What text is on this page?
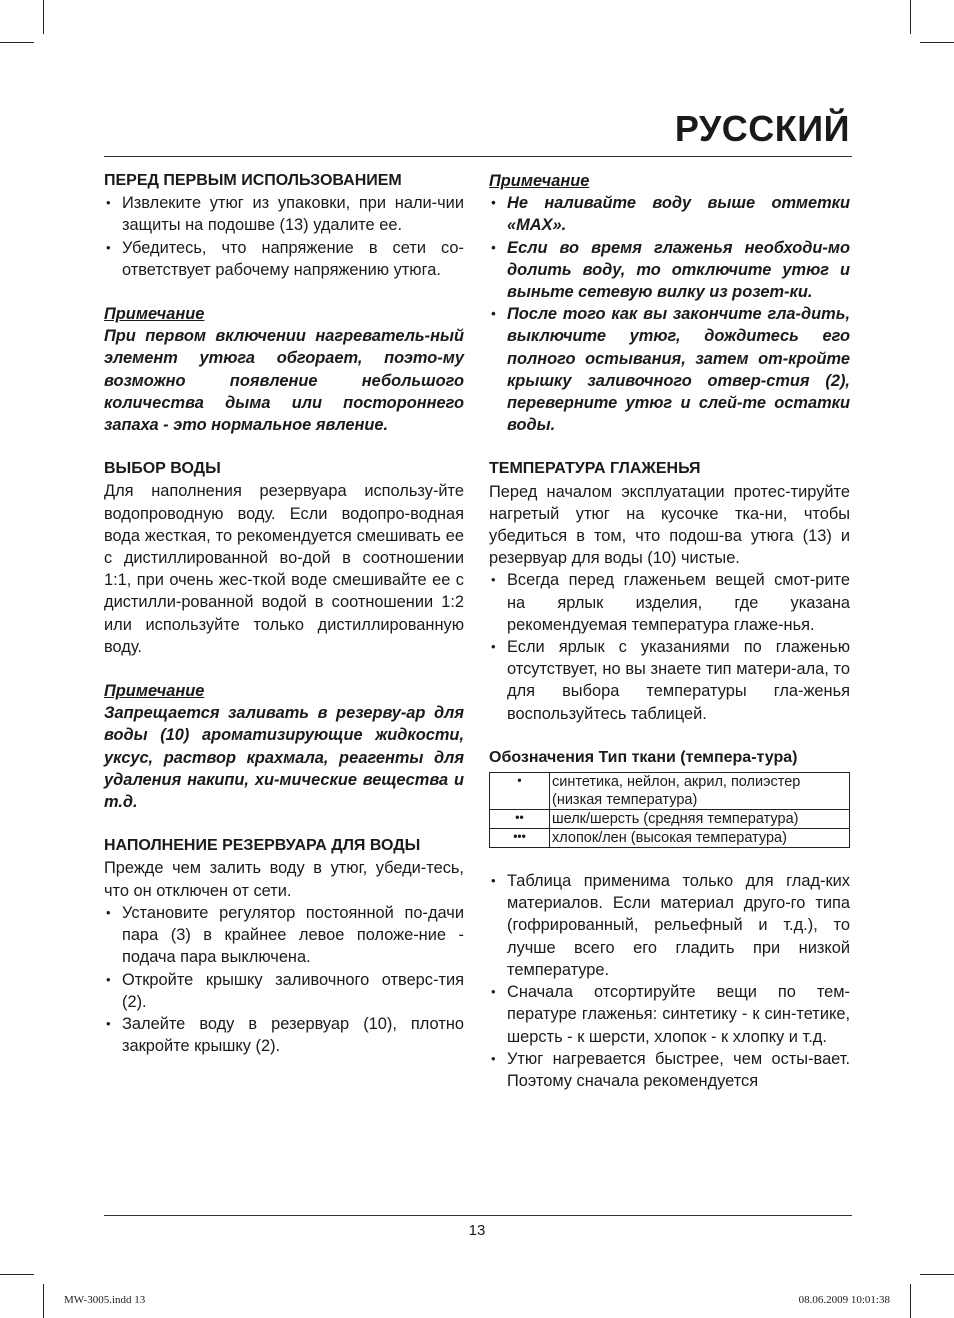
РУССКИЙ

ПЕРЕД ПЕРВЫМ ИСПОЛЬЗОВАНИЕМ

• Извлеките утюг из упаковки, при нали-чии защиты на подошве (13) удалите ее.
• Убедитесь, что напряжение в сети со-ответствует рабочему напряжению утюга.

Примечание

При первом включении нагреватель-ный элемент утюга обгорает, поэто-му возможно появление небольшого количества дыма или постороннего запаха - это нормальное явление.

ВЫБОР ВОДЫ

Для наполнения резервуара использу-йте водопроводную воду. Если водопро-водная вода жесткая, то рекомендуется смешивать ее с дистиллированной во-дой в соотношении 1:1, при очень жес-ткой воде смешивайте ее с дистилли-рованной водой в соотношении 1:2 или используйте только дистиллированную воду.

Примечание

Запрещается заливать в резерву-ар для воды (10) ароматизирующие жидкости, уксус, раствор крахмала, реагенты для удаления накипи, хи-мические вещества и т.д.

НАПОЛНЕНИЕ РЕЗЕРВУАРА ДЛЯ ВОДЫ

Прежде чем залить воду в утюг, убеди-тесь, что он отключен от сети.

• Установите регулятор постоянной по-дачи пара (3) в крайнее левое положе-ние - подача пара выключена.
• Откройте крышку заливочного отверс-тия (2).
• Залейте воду в резервуар (10), плотно закройте крышку (2).

Примечание

• Не наливайте воду выше отметки «MAX».
• Если во время глаженья необходи-мо долить воду, то отключите утюг и выньте сетевую вилку из розет-ки.
• После того как вы закончите гла-дить, выключите утюг, дождитесь его полного остывания, затем от-кройте крышку заливочного отвер-стия (2), переверните утюг и слей-те остатки воды.

ТЕМПЕРАТУРА ГЛАЖЕНЬЯ

Перед началом эксплуатации протес-тируйте нагретый утюг на кусочке тка-ни, чтобы убедиться в том, что подош-ва утюга (13) и резервуар для воды (10) чистые.

• Всегда перед глаженьем вещей смот-рите на ярлык изделия, где указана рекомендуемая температура глаже-нья.
• Если ярлык с указаниями по глаженью отсутствует, но вы знаете тип матери-ала, то для выбора температуры гла-женья воспользуйтесь таблицей.

Обозначения Тип ткани (темпера-тура)

•	синтетика, нейлон, акрил, полиэстер (низкая температура)
••	шелк/шерсть (средняя температура)
•••	хлопок/лен (высокая температура)
• Таблица применима только для глад-ких материалов. Если материал друго-го типа (гофрированный, рельефный и т.д.), то лучше всего его гладить при низкой температуре.
• Сначала отсортируйте вещи по тем-пературе глаженья: синтетику - к син-тетике, шерсть - к шерсти, хлопок - к хлопку и т.д.
• Утюг нагревается быстрее, чем осты-вает. Поэтому сначала рекомендуется
13
MW-3005.indd 13	08.06.2009 10:01:38
